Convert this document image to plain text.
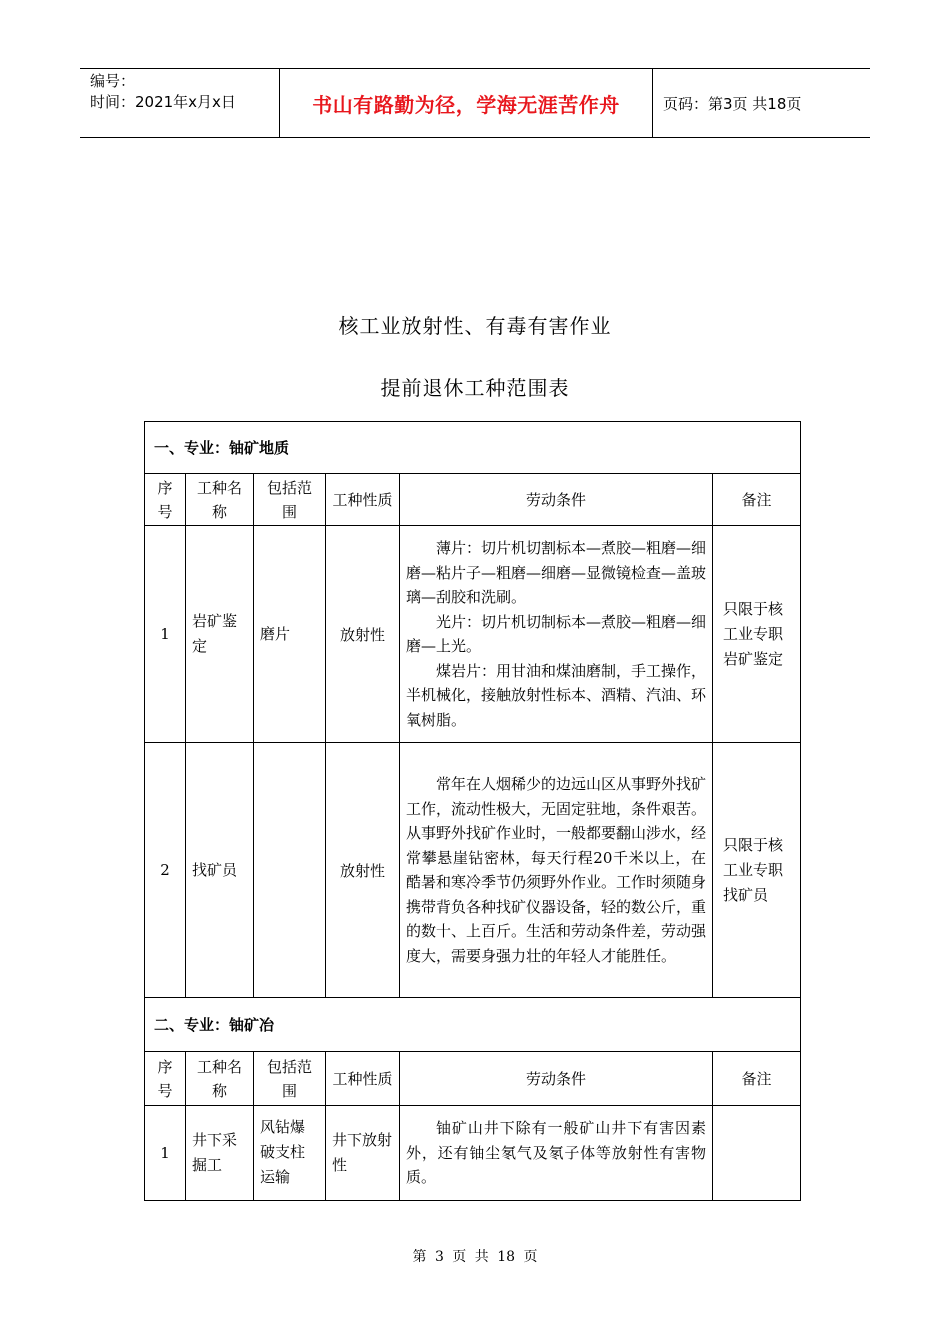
编号：
时间：2021年x月x日	书山有路勤为径，学海无涯苦作舟	页码：第3页 共18页
核工业放射性、有毒有害作业
提前退休工种范围表
一、专业：铀矿地质					
序号	工种名称	包括范围	工种性质	劳动条件	备注
1	岩矿鉴定	磨片	放射性	薄片：切片机切割标本—煮胶—粗磨—细磨—粘片子—粗磨—细磨—显微镜检查—盖玻璃—刮胶和洗刷。

光片：切片机切制标本—煮胶—粗磨—细磨—上光。

煤岩片：用甘油和煤油磨制，手工操作，半机械化，接触放射性标本、酒精、汽油、环氧树脂。	只限于核工业专职岩矿鉴定
2	找矿员		放射性	常年在人烟稀少的边远山区从事野外找矿工作，流动性极大，无固定驻地，条件艰苦。从事野外找矿作业时，一般都要翻山涉水，经常攀悬崖钻密林，每天行程20千米以上，在酷暑和寒冷季节仍须野外作业。工作时须随身携带背负各种找矿仪器设备，轻的数公斤，重的数十、上百斤。生活和劳动条件差，劳动强度大，需要身强力壮的年轻人才能胜任。	只限于核工业专职找矿员
二、专业：铀矿冶					
序号	工种名称	包括范围	工种性质	劳动条件	备注
1	井下采掘工	风钻爆破支柱运输	井下放射性	铀矿山井下除有一般矿山井下有害因素外，还有铀尘氡气及氡子体等放射性有害物质。	

第 3 页 共 18 页
